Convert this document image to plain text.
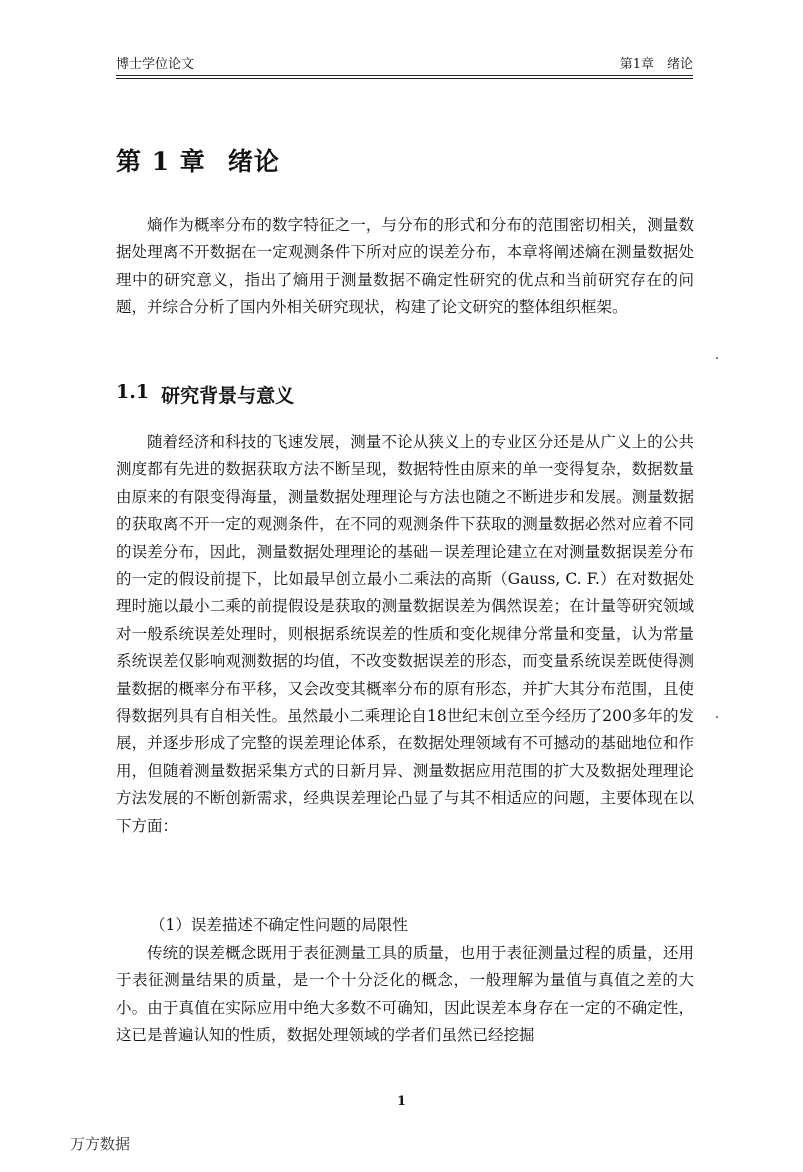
博士学位论文	第1章　绪论
第 1 章 绪论

熵作为概率分布的数字特征之一，与分布的形式和分布的范围密切相关，测量数据处理离不开数据在一定观测条件下所对应的误差分布，本章将阐述熵在测量数据处理中的研究意义，指出了熵用于测量数据不确定性研究的优点和当前研究存在的问题，并综合分析了国内外相关研究现状，构建了论文研究的整体组织框架。

1.1 研究背景与意义

随着经济和科技的飞速发展，测量不论从狭义上的专业区分还是从广义上的公共测度都有先进的数据获取方法不断呈现，数据特性由原来的单一变得复杂，数据数量由原来的有限变得海量，测量数据处理理论与方法也随之不断进步和发展。测量数据的获取离不开一定的观测条件，在不同的观测条件下获取的测量数据必然对应着不同的误差分布，因此，测量数据处理理论的基础－误差理论建立在对测量数据误差分布的一定的假设前提下，比如最早创立最小二乘法的高斯（Gauss, C. F.）在对数据处理时施以最小二乘的前提假设是获取的测量数据误差为偶然误差；在计量等研究领域对一般系统误差处理时，则根据系统误差的性质和变化规律分常量和变量，认为常量系统误差仅影响观测数据的均值，不改变数据误差的形态，而变量系统误差既使得测量数据的概率分布平移，又会改变其概率分布的原有形态，并扩大其分布范围，且使得数据列具有自相关性。虽然最小二乘理论自18世纪末创立至今经历了200多年的发展，并逐步形成了完整的误差理论体系，在数据处理领域有不可撼动的基础地位和作用，但随着测量数据采集方式的日新月异、测量数据应用范围的扩大及数据处理理论方法发展的不断创新需求，经典误差理论凸显了与其不相适应的问题，主要体现在以下方面：

（1）误差描述不确定性问题的局限性

传统的误差概念既用于表征测量工具的质量，也用于表征测量过程的质量，还用于表征测量结果的质量，是一个十分泛化的概念，一般理解为量值与真值之差的大小。由于真值在实际应用中绝大多数不可确知，因此误差本身存在一定的不确定性，这已是普遍认知的性质，数据处理领域的学者们虽然已经挖掘

1
万方数据
